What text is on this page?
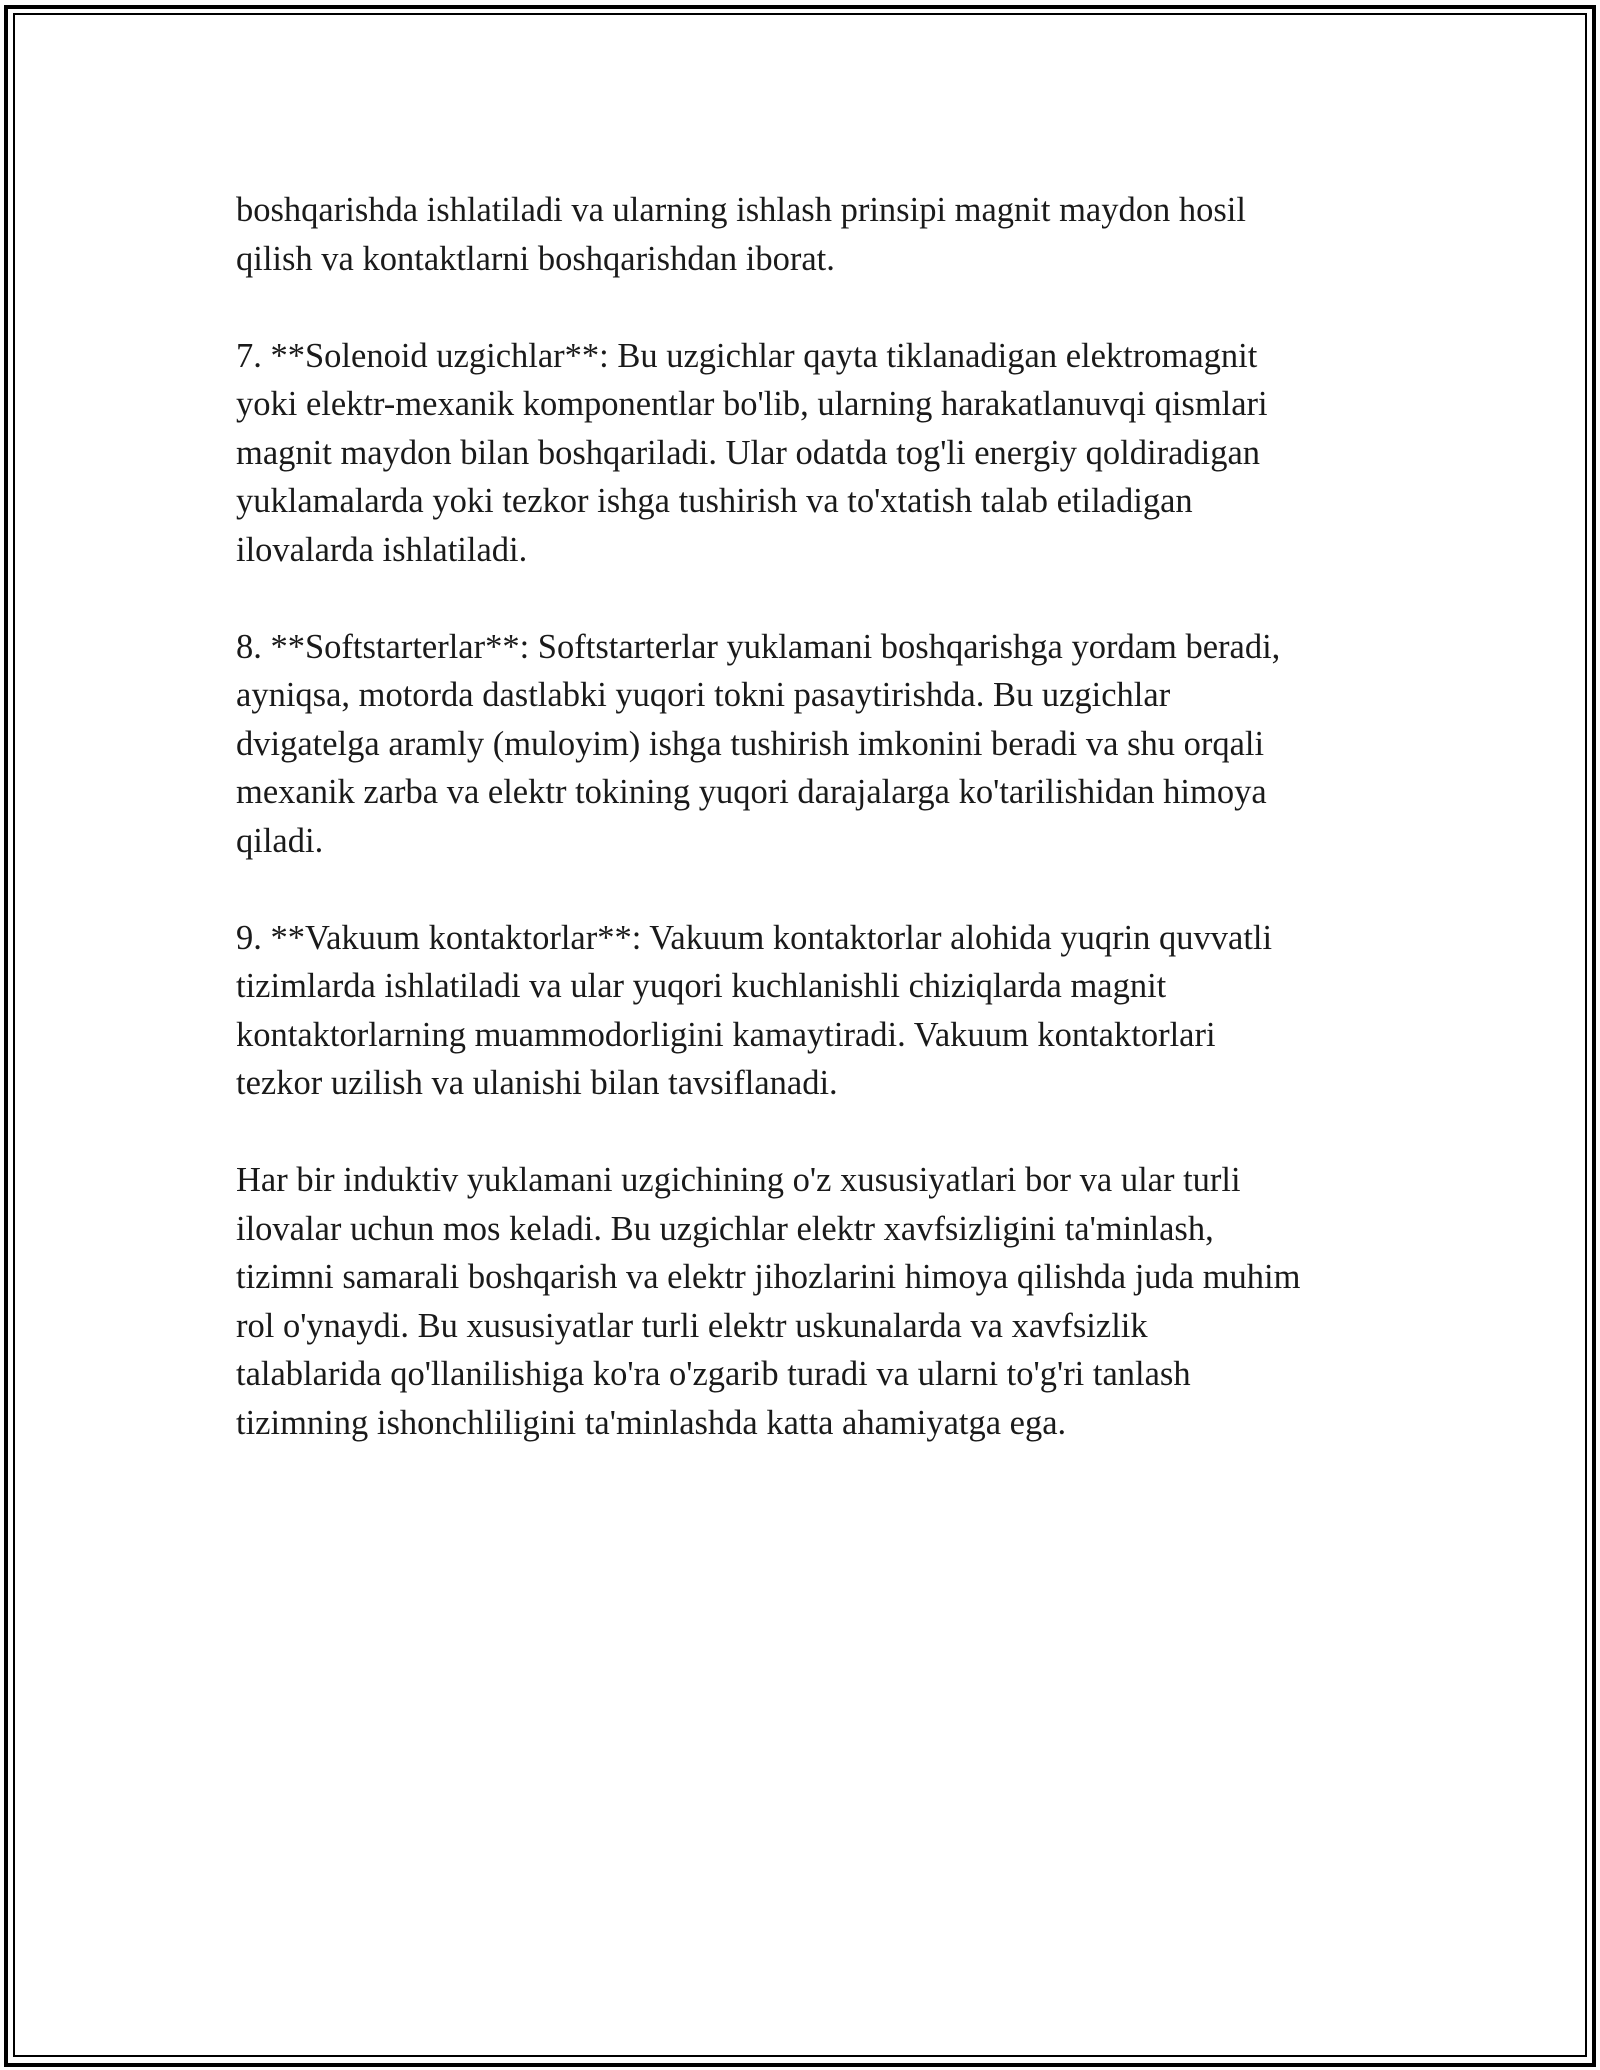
boshqarishda ishlatiladi va ularning ishlash prinsipi magnit maydon hosil
qilish va kontaktlarni boshqarishdan iborat.

7. **Solenoid uzgichlar**: Bu uzgichlar qayta tiklanadigan elektromagnit
yoki elektr-mexanik komponentlar bo'lib, ularning harakatlanuvqi qismlari
magnit maydon bilan boshqariladi. Ular odatda tog'li energiy qoldiradigan
yuklamalarda yoki tezkor ishga tushirish va to'xtatish talab etiladigan
ilovalarda ishlatiladi.

8. **Softstarterlar**: Softstarterlar yuklamani boshqarishga yordam beradi,
ayniqsa, motorda dastlabki yuqori tokni pasaytirishda. Bu uzgichlar
dvigatelga aramly (muloyim) ishga tushirish imkonini beradi va shu orqali
mexanik zarba va elektr tokining yuqori darajalarga ko'tarilishidan himoya
qiladi.

9. **Vakuum kontaktorlar**: Vakuum kontaktorlar alohida yuqrin quvvatli
tizimlarda ishlatiladi va ular yuqori kuchlanishli chiziqlarda magnit
kontaktorlarning muammodorligini kamaytiradi. Vakuum kontaktorlari
tezkor uzilish va ulanishi bilan tavsiflanadi.

Har bir induktiv yuklamani uzgichining o'z xususiyatlari bor va ular turli
ilovalar uchun mos keladi. Bu uzgichlar elektr xavfsizligini ta'minlash,
tizimni samarali boshqarish va elektr jihozlarini himoya qilishda juda muhim
rol o'ynaydi. Bu xususiyatlar turli elektr uskunalarda va xavfsizlik
talablarida qo'llanilishiga ko'ra o'zgarib turadi va ularni to'g'ri tanlash
tizimning ishonchliligini ta'minlashda katta ahamiyatga ega.
